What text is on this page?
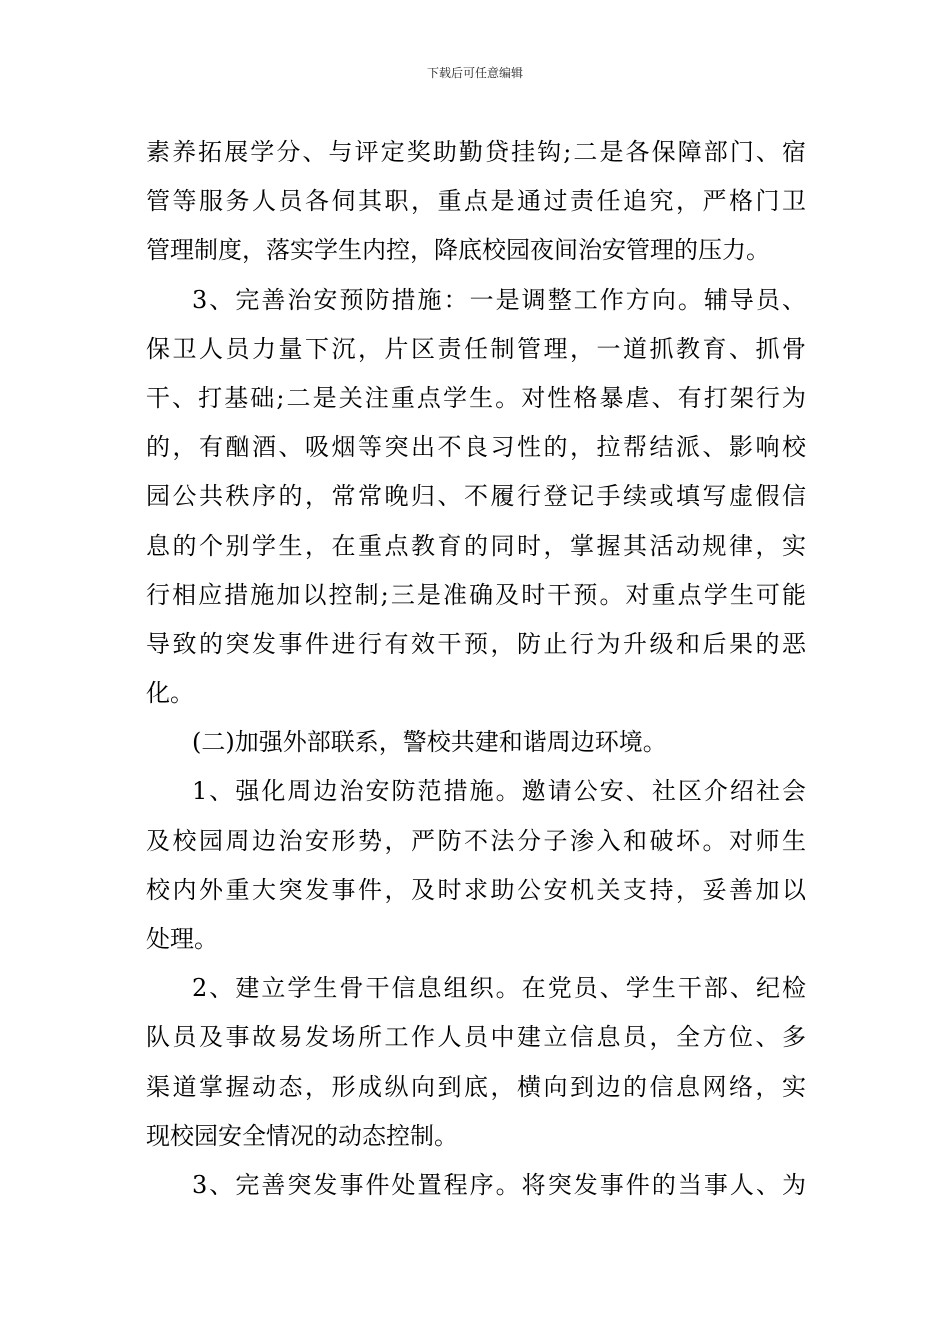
下载后可任意编辑
素养拓展学分、与评定奖助勤贷挂钩;二是各保障部门、宿
管等服务人员各伺其职，重点是通过责任追究，严格门卫
管理制度，落实学生内控，降底校园夜间治安管理的压力。
3、完善治安预防措施：一是调整工作方向。辅导员、
保卫人员力量下沉，片区责任制管理，一道抓教育、抓骨
干、打基础;二是关注重点学生。对性格暴虐、有打架行为
的，有酗酒、吸烟等突出不良习性的，拉帮结派、影响校
园公共秩序的，常常晚归、不履行登记手续或填写虚假信
息的个别学生，在重点教育的同时，掌握其活动规律，实
行相应措施加以控制;三是准确及时干预。对重点学生可能
导致的突发事件进行有效干预，防止行为升级和后果的恶
化。
(二)加强外部联系，警校共建和谐周边环境。
1、强化周边治安防范措施。邀请公安、社区介绍社会
及校园周边治安形势，严防不法分子渗入和破坏。对师生
校内外重大突发事件，及时求助公安机关支持，妥善加以
处理。
2、建立学生骨干信息组织。在党员、学生干部、纪检
队员及事故易发场所工作人员中建立信息员，全方位、多
渠道掌握动态，形成纵向到底，横向到边的信息网络，实
现校园安全情况的动态控制。
3、完善突发事件处置程序。将突发事件的当事人、为
